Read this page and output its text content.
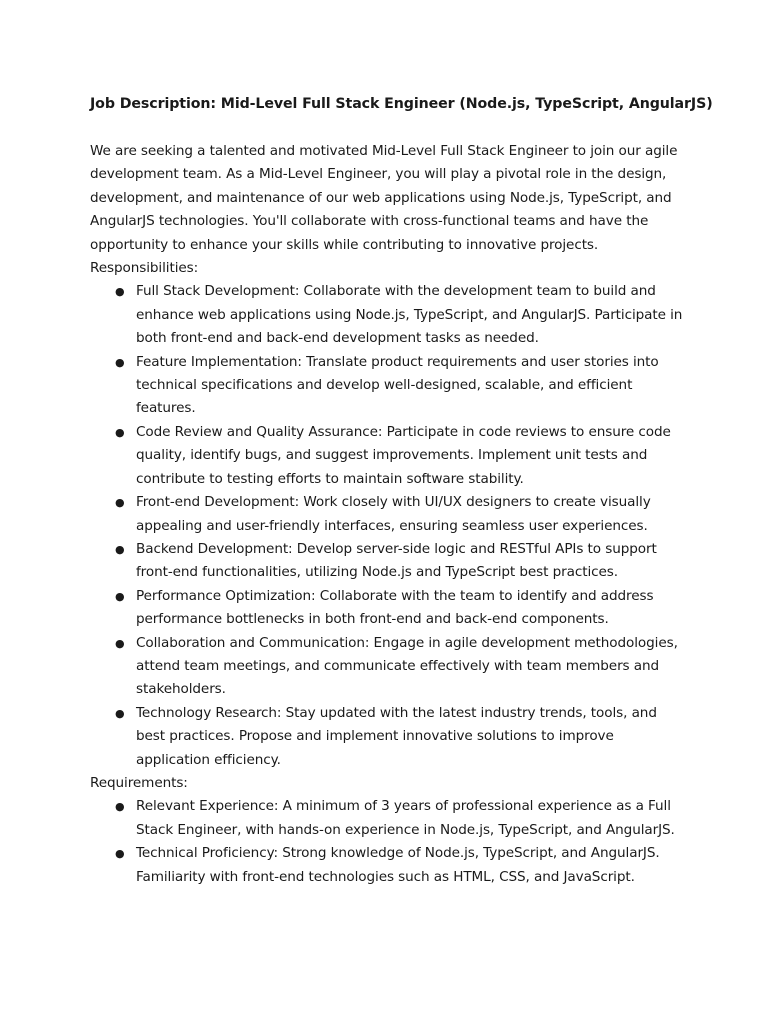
Job Description: Mid-Level Full Stack Engineer (Node.js, TypeScript, AngularJS)

We are seeking a talented and motivated Mid-Level Full Stack Engineer to join our agile development team. As a Mid-Level Engineer, you will play a pivotal role in the design, development, and maintenance of our web applications using Node.js, TypeScript, and AngularJS technologies. You'll collaborate with cross-functional teams and have the opportunity to enhance your skills while contributing to innovative projects.

Responsibilities:
● Full Stack Development: Collaborate with the development team to build and enhance web applications using Node.js, TypeScript, and AngularJS. Participate in both front-end and back-end development tasks as needed.
● Feature Implementation: Translate product requirements and user stories into technical specifications and develop well-designed, scalable, and efficient features.
● Code Review and Quality Assurance: Participate in code reviews to ensure code quality, identify bugs, and suggest improvements. Implement unit tests and contribute to testing efforts to maintain software stability.
● Front-end Development: Work closely with UI/UX designers to create visually appealing and user-friendly interfaces, ensuring seamless user experiences.
● Backend Development: Develop server-side logic and RESTful APIs to support front-end functionalities, utilizing Node.js and TypeScript best practices.
● Performance Optimization: Collaborate with the team to identify and address performance bottlenecks in both front-end and back-end components.
● Collaboration and Communication: Engage in agile development methodologies, attend team meetings, and communicate effectively with team members and stakeholders.
● Technology Research: Stay updated with the latest industry trends, tools, and best practices. Propose and implement innovative solutions to improve application efficiency.
Requirements:
● Relevant Experience: A minimum of 3 years of professional experience as a Full Stack Engineer, with hands-on experience in Node.js, TypeScript, and AngularJS.
● Technical Proficiency: Strong knowledge of Node.js, TypeScript, and AngularJS. Familiarity with front-end technologies such as HTML, CSS, and JavaScript.
